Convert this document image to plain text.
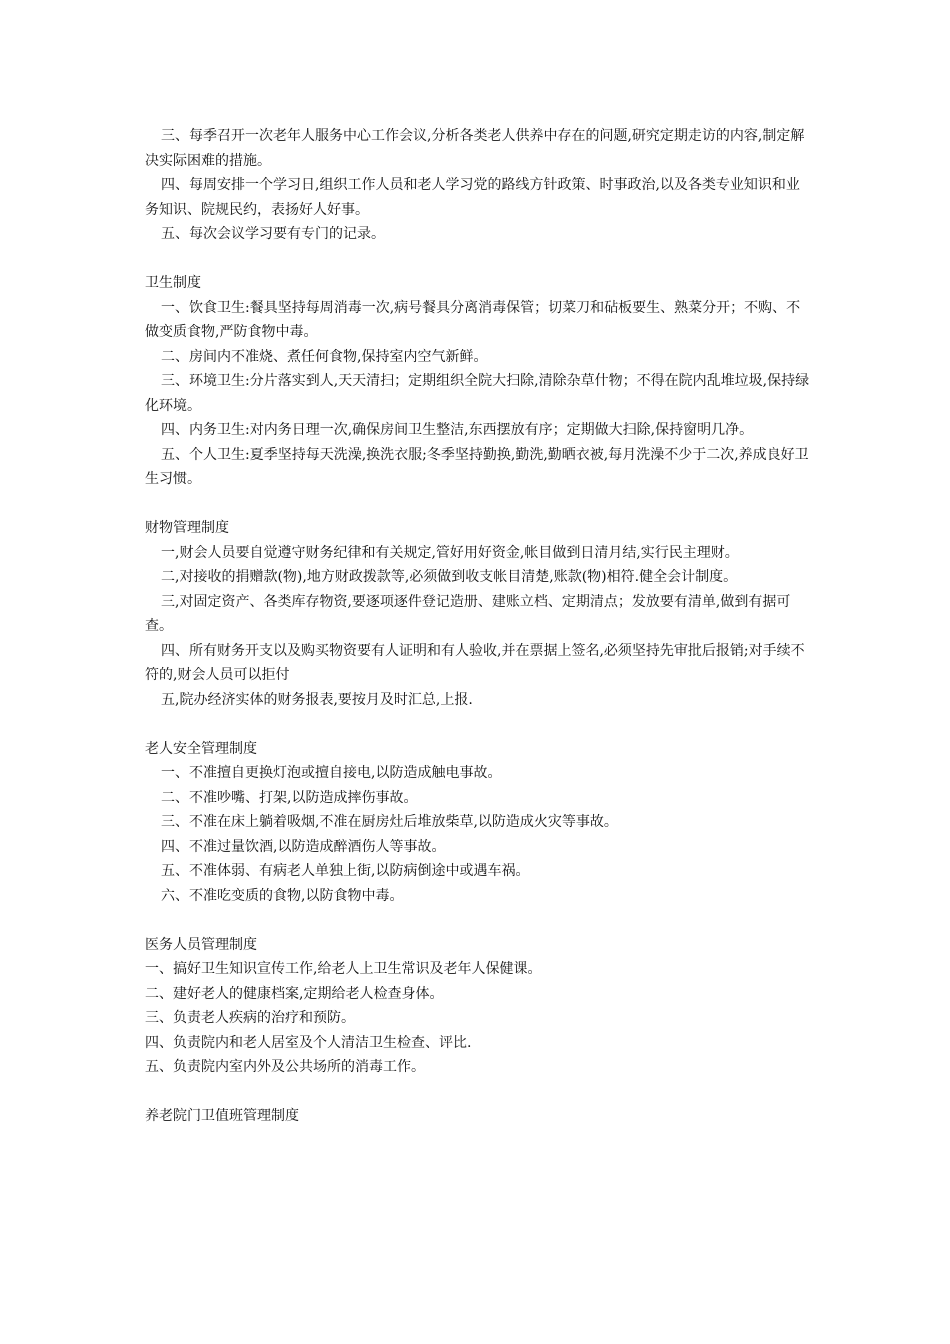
三、每季召开一次老年人服务中心工作会议,分析各类老人供养中存在的问题,研究定期走访的内容,制定解决实际困难的措施。

四、每周安排一个学习日,组织工作人员和老人学习党的路线方针政策、时事政治,以及各类专业知识和业务知识、院规民约，表扬好人好事。

五、每次会议学习要有专门的记录。

卫生制度

一、饮食卫生:餐具坚持每周消毒一次,病号餐具分离消毒保管；切菜刀和砧板要生、熟菜分开；不购、不做变质食物,严防食物中毒。

二、房间内不准烧、煮任何食物,保持室内空气新鲜。

三、环境卫生:分片落实到人,天天清扫；定期组织全院大扫除,清除杂草什物；不得在院内乱堆垃圾,保持绿化环境。

四、内务卫生:对内务日理一次,确保房间卫生整洁,东西摆放有序；定期做大扫除,保持窗明几净。

五、个人卫生:夏季坚持每天洗澡,换洗衣服;冬季坚持勤换,勤洗,勤晒衣被,每月洗澡不少于二次,养成良好卫生习惯。

财物管理制度

一,财会人员要自觉遵守财务纪律和有关规定,管好用好资金,帐目做到日清月结,实行民主理财。

二,对接收的捐赠款(物),地方财政拨款等,必须做到收支帐目清楚,账款(物)相符.健全会计制度。

三,对固定资产、各类库存物资,要逐项逐件登记造册、建账立档、定期清点；发放要有清单,做到有据可查。

四、所有财务开支以及购买物资要有人证明和有人验收,并在票据上签名,必须坚持先审批后报销;对手续不符的,财会人员可以拒付

五,院办经济实体的财务报表,要按月及时汇总,上报.

老人安全管理制度

一、不准擅自更换灯泡或擅自接电,以防造成触电事故。

二、不准吵嘴、打架,以防造成摔伤事故。

三、不准在床上躺着吸烟,不准在厨房灶后堆放柴草,以防造成火灾等事故。

四、不准过量饮酒,以防造成醉酒伤人等事故。

五、不准体弱、有病老人单独上街,以防病倒途中或遇车祸。

六、不准吃变质的食物,以防食物中毒。

医务人员管理制度

一、搞好卫生知识宣传工作,给老人上卫生常识及老年人保健课。

二、建好老人的健康档案,定期给老人检查身体。

三、负责老人疾病的治疗和预防。

四、负责院内和老人居室及个人清洁卫生检查、评比.

五、负责院内室内外及公共场所的消毒工作。

养老院门卫值班管理制度
